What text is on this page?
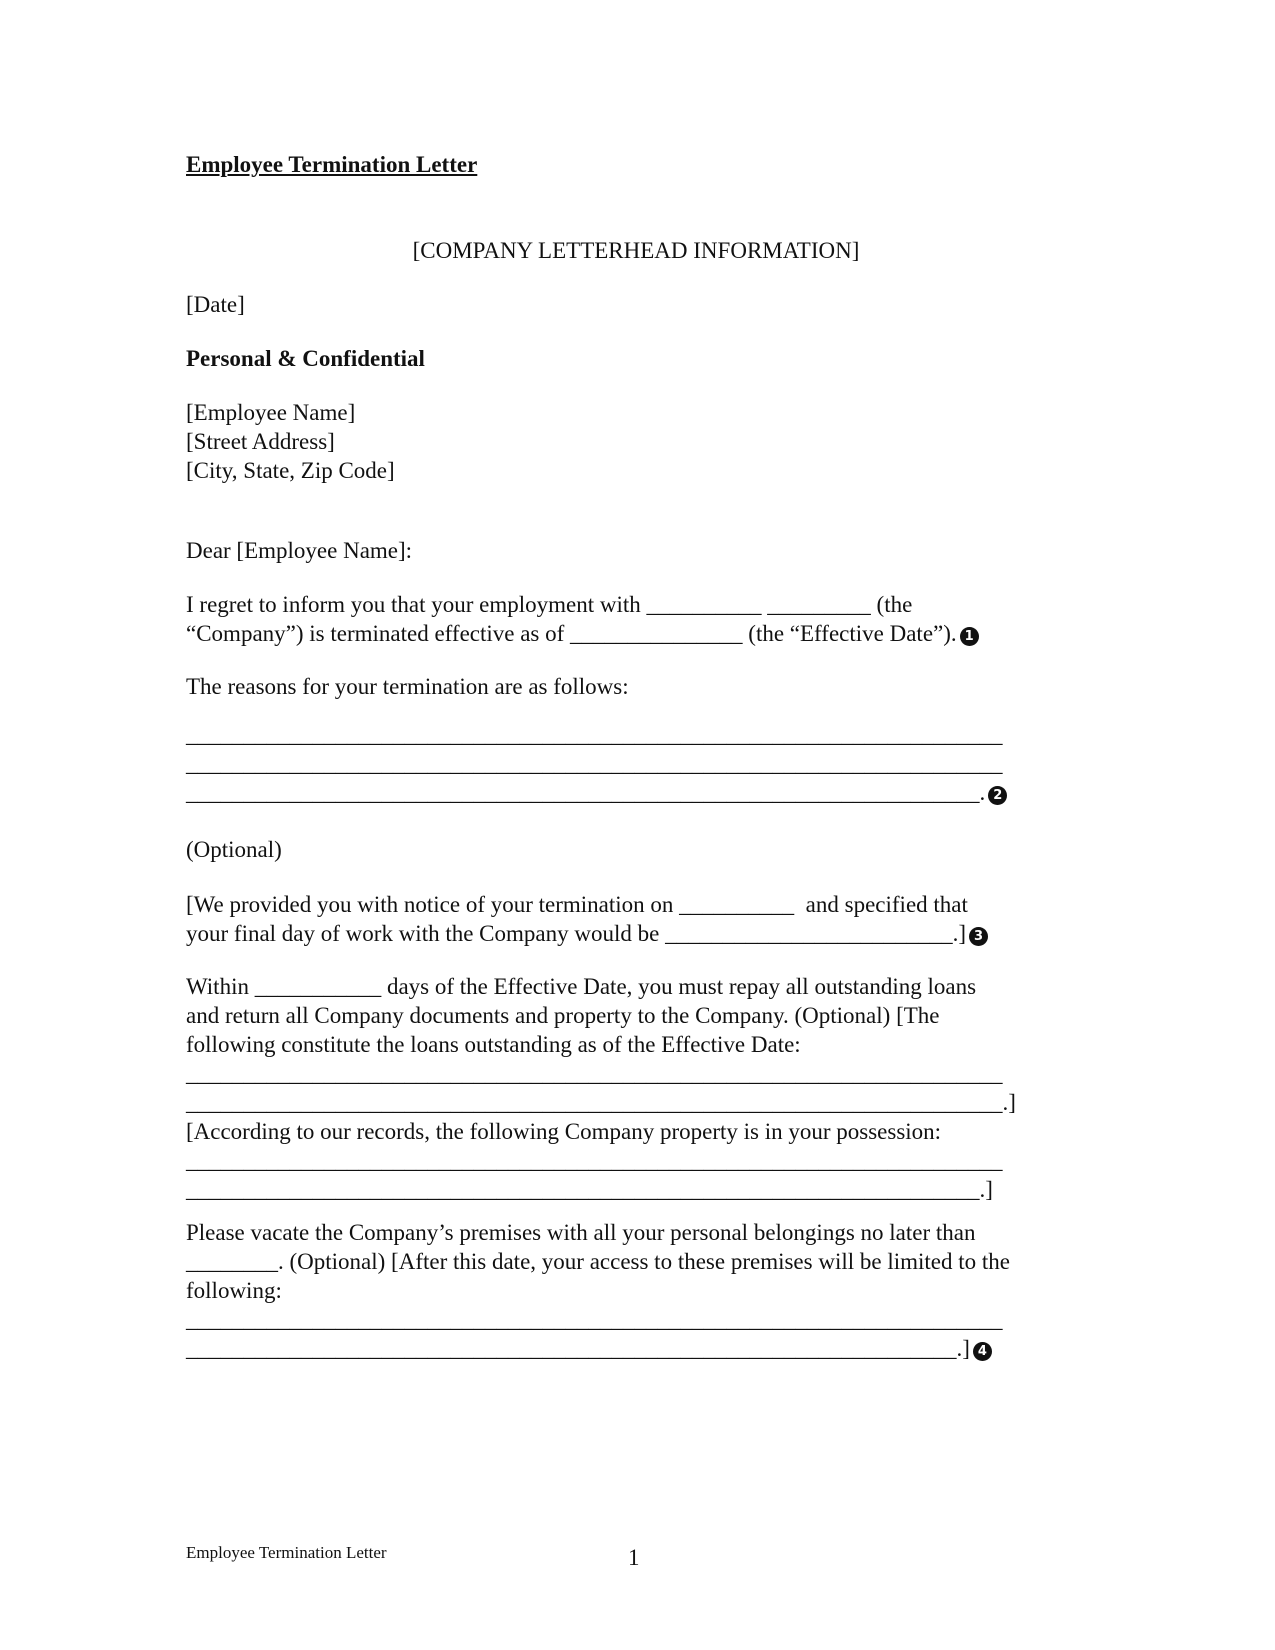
Employee Termination Letter
[COMPANY LETTERHEAD INFORMATION]
[Date]
Personal & Confidential
[Employee Name]
[Street Address]
[City, State, Zip Code]
Dear [Employee Name]:
I regret to inform you that your employment with __________ _________ (the
“Company”) is terminated effective as of _______________ (the “Effective Date”). 1
The reasons for your termination are as follows:
_______________________________________________________________________
_______________________________________________________________________
_____________________________________________________________________. 2
(Optional)
[We provided you with notice of your termination on __________  and specified that
your final day of work with the Company would be _________________________.] 3
Within ___________ days of the Effective Date, you must repay all outstanding loans
and return all Company documents and property to the Company. (Optional) [The
following constitute the loans outstanding as of the Effective Date:
_______________________________________________________________________
_______________________________________________________________________.]
[According to our records, the following Company property is in your possession:
_______________________________________________________________________
_____________________________________________________________________.]
Please vacate the Company’s premises with all your personal belongings no later than
________. (Optional) [After this date, your access to these premises will be limited to the
following:
_______________________________________________________________________
___________________________________________________________________.] 4
Employee Termination Letter	1
